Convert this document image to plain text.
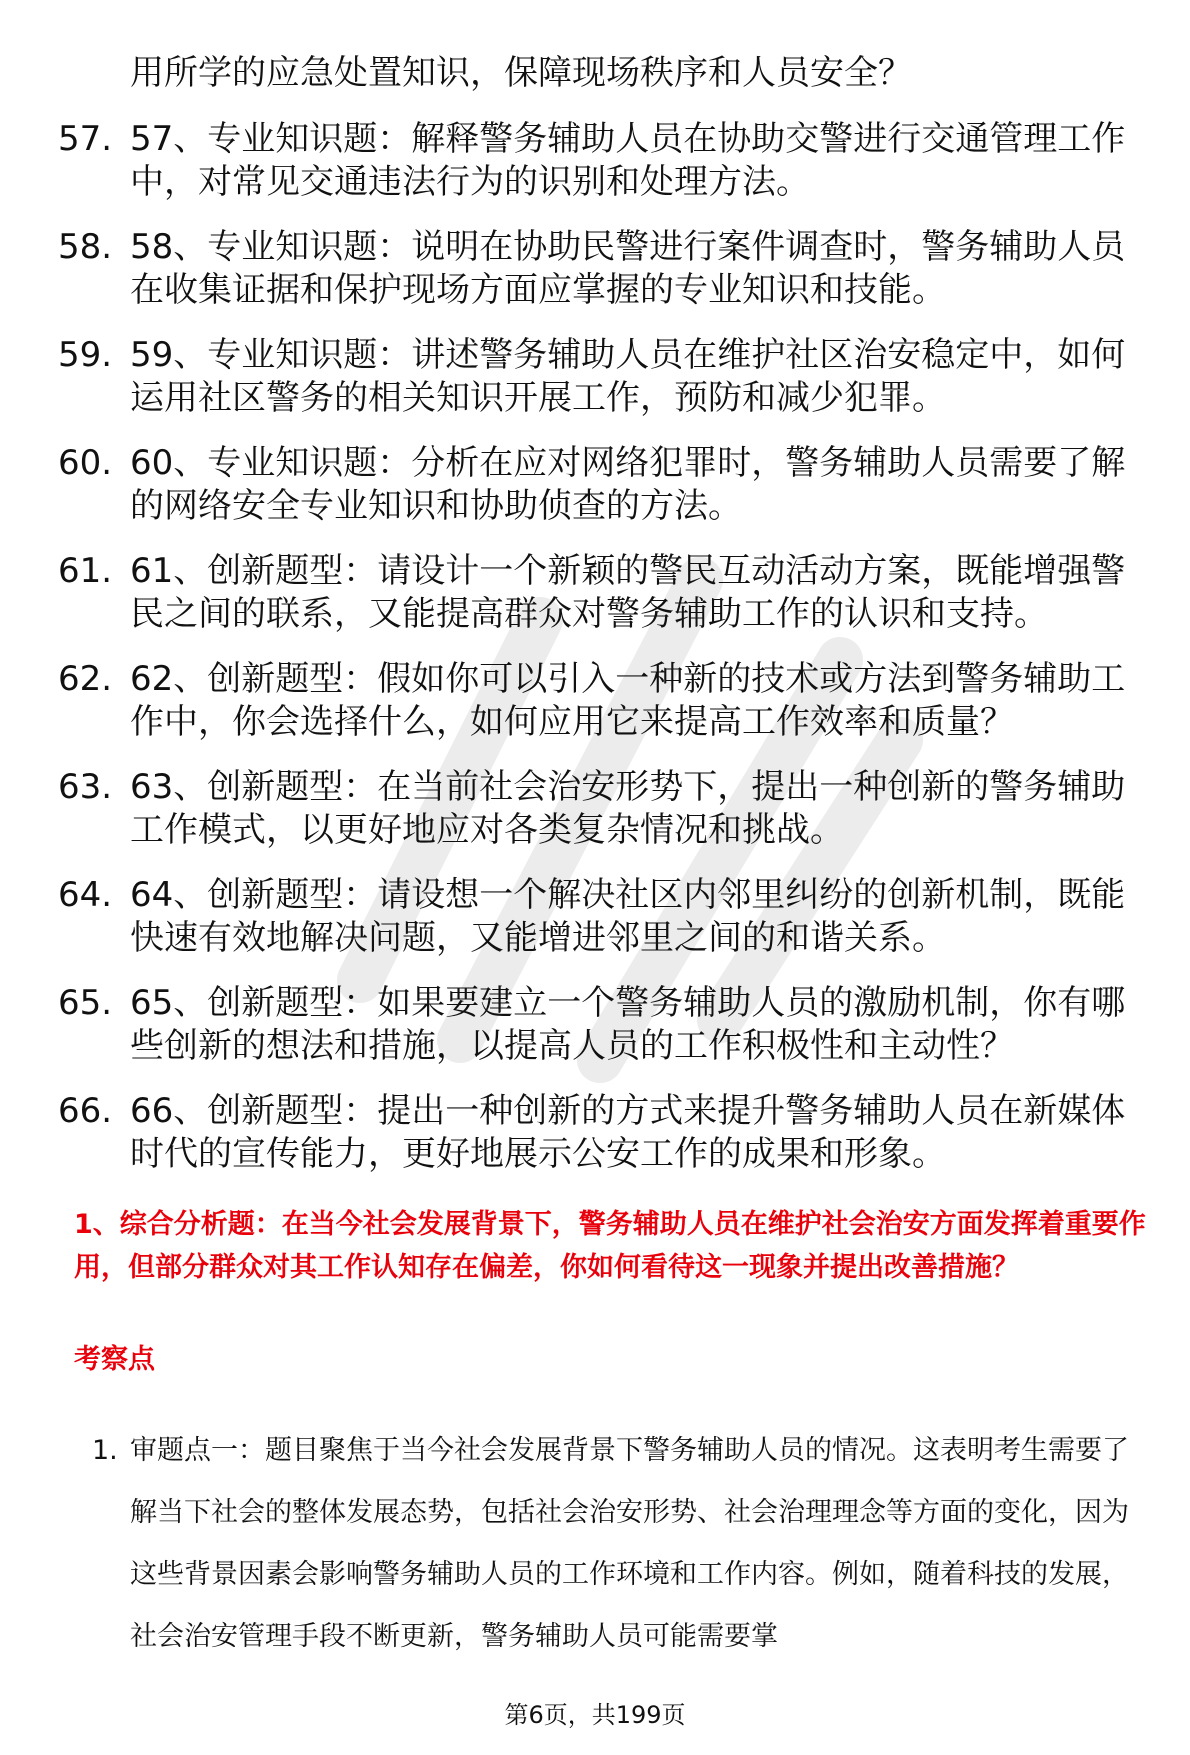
用所学的应急处置知识，保障现场秩序和人员安全？
57. 57、专业知识题：解释警务辅助人员在协助交警进行交通管理工作中，对常见交通违法行为的识别和处理方法。
58. 58、专业知识题：说明在协助民警进行案件调查时，警务辅助人员在收集证据和保护现场方面应掌握的专业知识和技能。
59. 59、专业知识题：讲述警务辅助人员在维护社区治安稳定中，如何运用社区警务的相关知识开展工作，预防和减少犯罪。
60. 60、专业知识题：分析在应对网络犯罪时，警务辅助人员需要了解的网络安全专业知识和协助侦查的方法。
61. 61、创新题型：请设计一个新颖的警民互动活动方案，既能增强警民之间的联系，又能提高群众对警务辅助工作的认识和支持。
62. 62、创新题型：假如你可以引入一种新的技术或方法到警务辅助工作中，你会选择什么，如何应用它来提高工作效率和质量？
63. 63、创新题型：在当前社会治安形势下，提出一种创新的警务辅助工作模式，以更好地应对各类复杂情况和挑战。
64. 64、创新题型：请设想一个解决社区内邻里纠纷的创新机制，既能快速有效地解决问题，又能增进邻里之间的和谐关系。
65. 65、创新题型：如果要建立一个警务辅助人员的激励机制，你有哪些创新的想法和措施，以提高人员的工作积极性和主动性？
66. 66、创新题型：提出一种创新的方式来提升警务辅助人员在新媒体时代的宣传能力，更好地展示公安工作的成果和形象。
1、综合分析题：在当今社会发展背景下，警务辅助人员在维护社会治安方面发挥着重要作用，但部分群众对其工作认知存在偏差，你如何看待这一现象并提出改善措施？
考察点
1. 审题点一：题目聚焦于当今社会发展背景下警务辅助人员的情况。这表明考生需要了解当下社会的整体发展态势，包括社会治安形势、社会治理理念等方面的变化，因为这些背景因素会影响警务辅助人员的工作环境和工作内容。例如，随着科技的发展，社会治安管理手段不断更新，警务辅助人员可能需要掌
第6页，共199页
